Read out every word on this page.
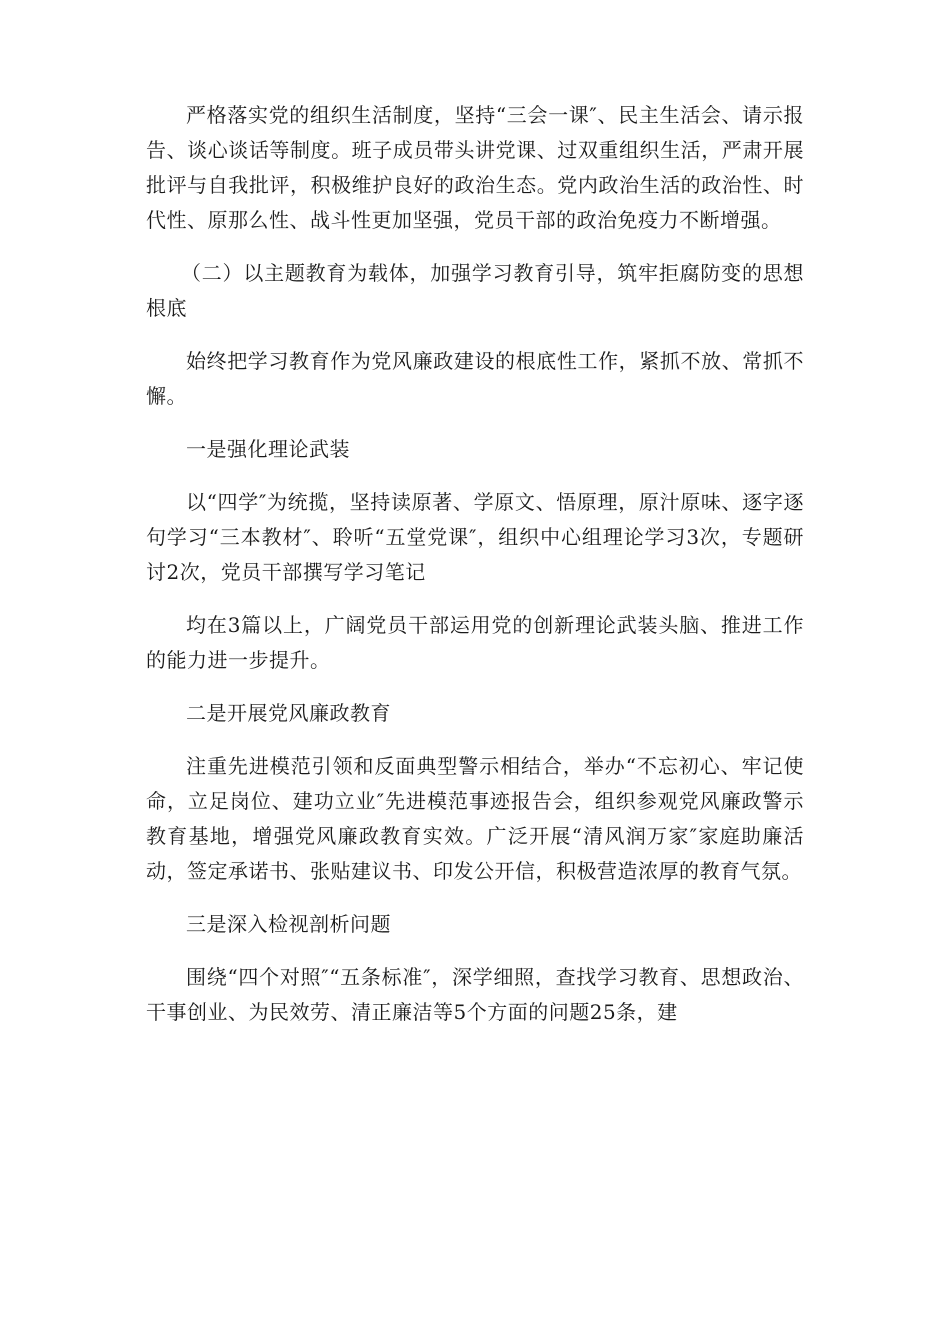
严格落实党的组织生活制度，坚持“三会一课″、民主生活会、请示报告、谈心谈话等制度。班子成员带头讲党课、过双重组织生活，严肃开展批评与自我批评，积极维护良好的政治生态。党内政治生活的政治性、时代性、原那么性、战斗性更加坚强，党员干部的政治免疫力不断增强。

（二）以主题教育为载体，加强学习教育引导，筑牢拒腐防变的思想根底

始终把学习教育作为党风廉政建设的根底性工作，紧抓不放、常抓不懈。

一是强化理论武装

以“四学″为统揽，坚持读原著、学原文、悟原理，原汁原味、逐字逐句学习“三本教材″、聆听“五堂党课″，组织中心组理论学习3次，专题研讨2次，党员干部撰写学习笔记

均在3篇以上，广阔党员干部运用党的创新理论武装头脑、推进工作的能力进一步提升。

二是开展党风廉政教育

注重先进模范引领和反面典型警示相结合，举办“不忘初心、牢记使命，立足岗位、建功立业″先进模范事迹报告会，组织参观党风廉政警示教育基地，增强党风廉政教育实效。广泛开展“清风润万家″家庭助廉活动，签定承诺书、张贴建议书、印发公开信，积极营造浓厚的教育气氛。

三是深入检视剖析问题

围绕“四个对照″“五条标准″，深学细照，查找学习教育、思想政治、干事创业、为民效劳、清正廉洁等5个方面的问题25条，建
